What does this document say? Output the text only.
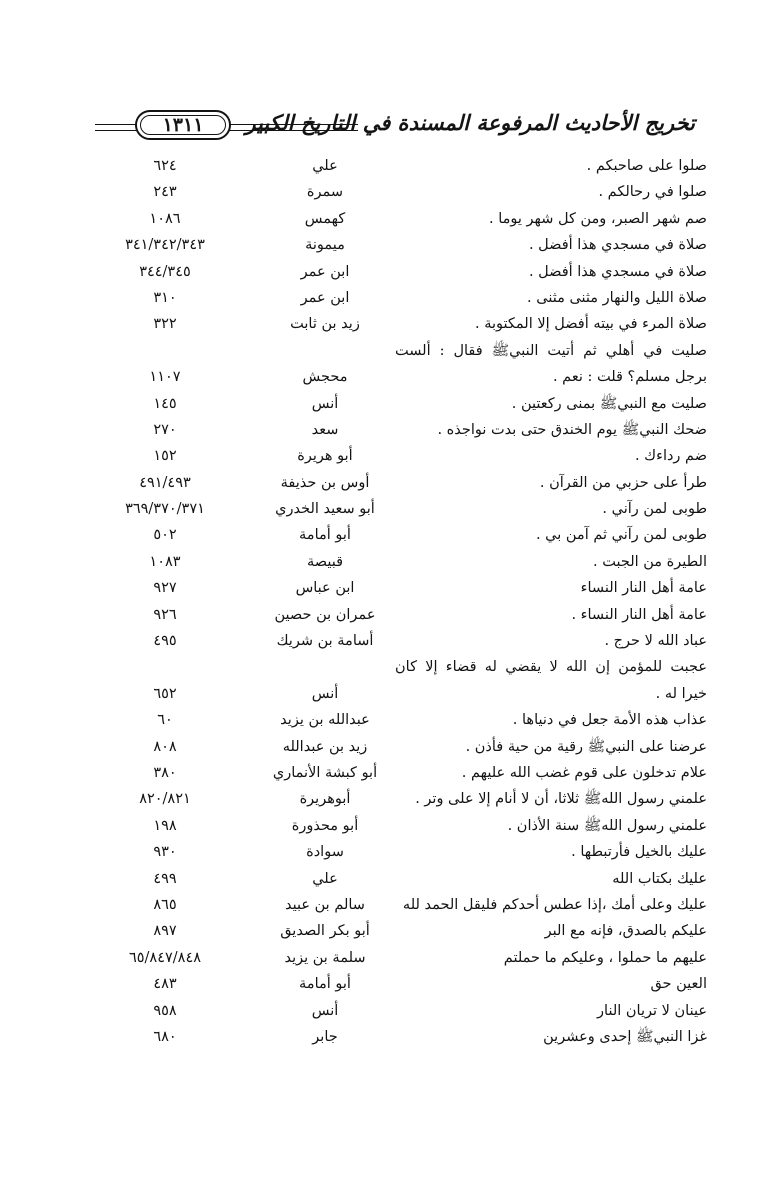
١٣١١	تخريج الأحاديث المرفوعة المسندة في التاريخ الكبير
صلوا على صاحبكم .
علي
٦٢٤
صلوا في رحالكم .
سمرة
٢٤٣
صم شهر الصبر، ومن كل شهر يوما .
كهمس
١٠٨٦
صلاة في مسجدي هذا أفضل .
ميمونة
٣٤١/٣٤٢/٣٤٣
صلاة في مسجدي هذا أفضل .
ابن عمر
٣٤٤/٣٤٥
صلاة الليل والنهار مثنى مثنى .
ابن عمر
٣١٠
صلاة المرء في بيته أفضل إلا المكتوبة .
زيد بن ثابت
٣٢٢
صليت في أهلي ثم أتيت النبيﷺ فقال : ألست
برجل مسلم؟ قلت : نعم .
محجش
١١٠٧
صليت مع النبيﷺ بمنى ركعتين .
أنس
١٤٥
ضحك النبيﷺ يوم الخندق حتى بدت نواجذه .
سعد
٢٧٠
ضم رداءك .
أبو هريرة
١٥٢
طرأ على حزبي من القرآن .
أوس بن حذيفة
٤٩١/٤٩٣
طوبى لمن رآني .
أبو سعيد الخدري
٣٦٩/٣٧٠/٣٧١
طوبى لمن رآني ثم آمن بي .
أبو أمامة
٥٠٢
الطيرة من الجبت .
قبيصة
١٠٨٣
عامة أهل النار النساء
ابن عباس
٩٢٧
عامة أهل النار النساء .
عمران بن حصين
٩٢٦
عباد الله لا حرج .
أسامة بن شريك
٤٩٥
عجبت للمؤمن إن الله لا يقضي له قضاء إلا كان
خيرا له .
أنس
٦٥٢
عذاب هذه الأمة جعل في دنياها .
عبدالله بن يزيد
٦٠
عرضنا على النبيﷺ رقية من حية فأذن .
زيد بن عبدالله
٨٠٨
علام تدخلون على قوم غضب الله عليهم .
أبو كبشة الأنماري
٣٨٠
علمني رسول اللهﷺ ثلاثا، أن لا أنام إلا على وتر .
أبوهريرة
٨٢٠/٨٢١
علمني رسول اللهﷺ سنة الأذان .
أبو محذورة
١٩٨
عليك بالخيل فأرتبطها .
سوادة
٩٣٠
عليك بكتاب الله
علي
٤٩٩
عليك وعلى أمك ،إذا عطس أحدكم فليقل الحمد لله
سالم بن عبيد
٨٦٥
عليكم بالصدق، فإنه مع البر
أبو بكر الصديق
٨٩٧
عليهم ما حملوا ، وعليكم ما حملتم
سلمة بن يزيد
٦٥/٨٤٧/٨٤٨
العين حق
أبو أمامة
٤٨٣
عينان لا تريان النار
أنس
٩٥٨
غزا النبيﷺ إحدى وعشرين
جابر
٦٨٠
